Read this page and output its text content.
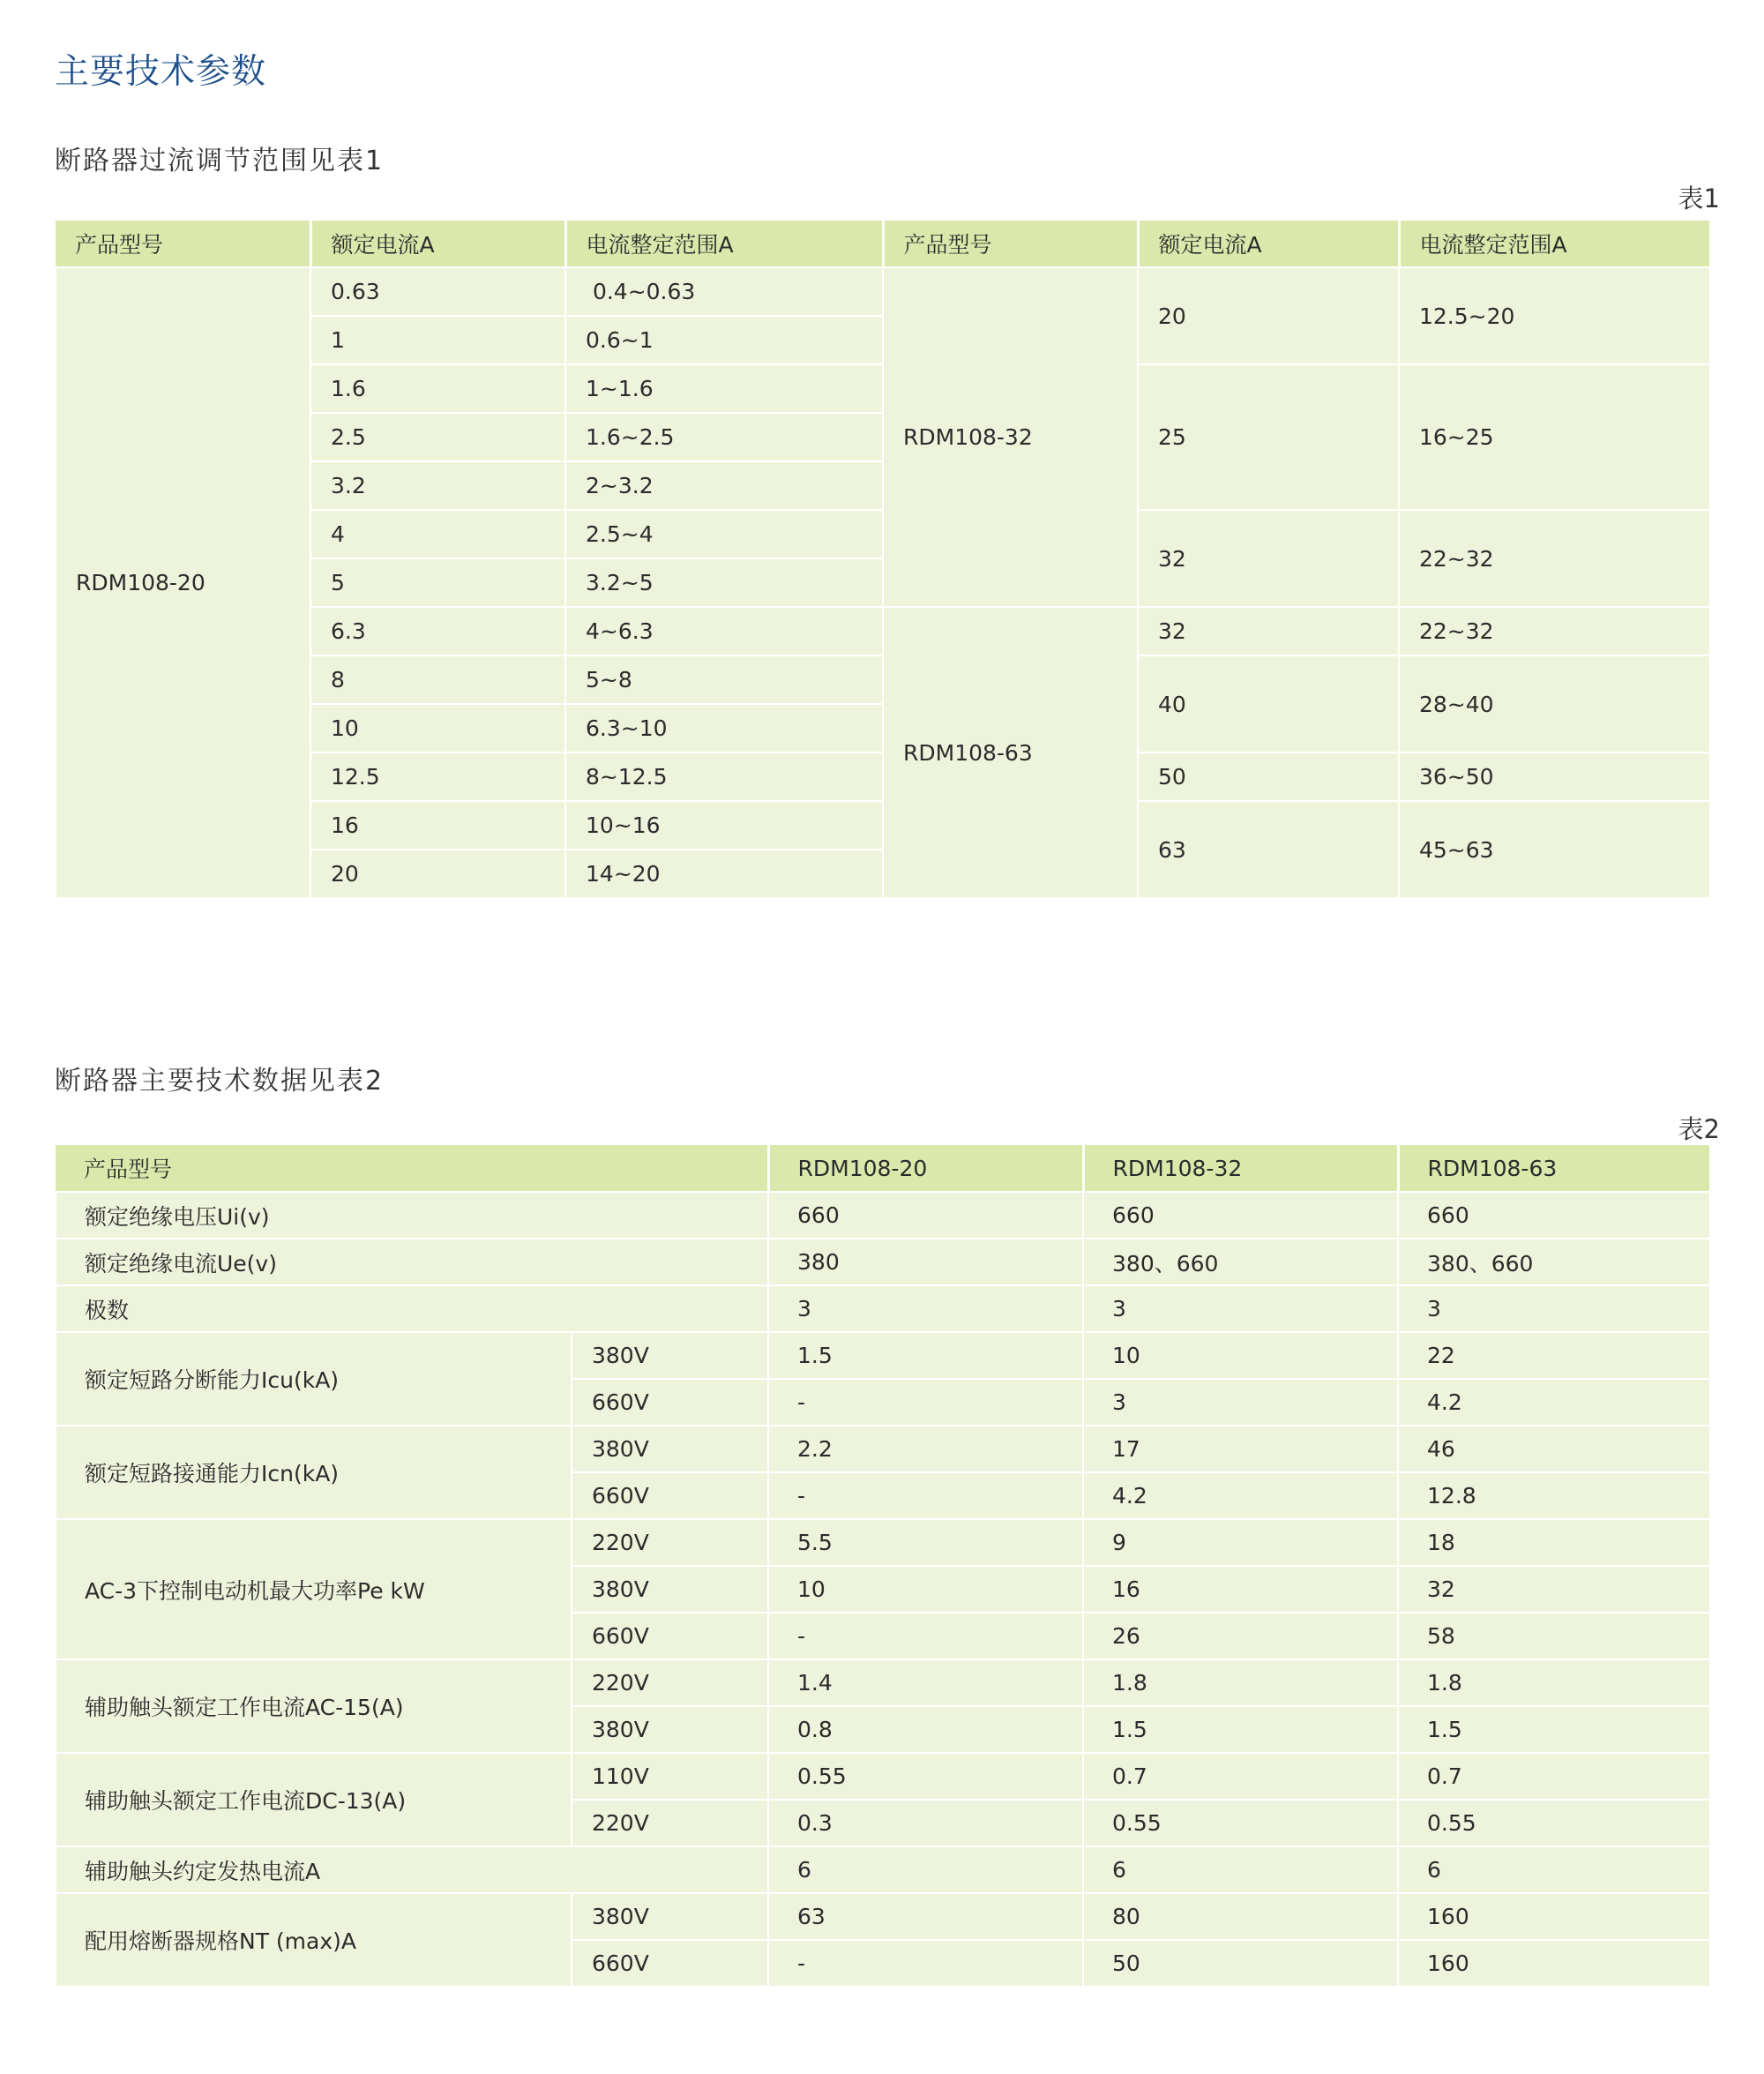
主要技术参数
断路器过流调节范围见表1
表1
产品型号	额定电流A	电流整定范围A	产品型号	额定电流A	电流整定范围A
RDM108-20	0.63	0.4~0.63	RDM108-32	20	12.5~20
	1	0.6~1			
	1.6	1~1.6		25	16~25
	2.5	1.6~2.5			
	3.2	2~3.2			
	4	2.5~4		32	22~32
	5	3.2~5			
	6.3	4~6.3	RDM108-63	32	22~32
	8	5~8		40	28~40
	10	6.3~10			
	12.5	8~12.5		50	36~50
	16	10~16		63	45~63
	20	14~20			
断路器主要技术数据见表2
表2
产品型号		RDM108-20	RDM108-32	RDM108-63
额定绝缘电压Ui(v)		660	660	660
额定绝缘电流Ue(v)		380	380、660	380、660
极数		3	3	3
额定短路分断能力Icu(kA)	380V	1.5	10	22
	660V	-	3	4.2
额定短路接通能力Icn(kA)	380V	2.2	17	46
	660V	-	4.2	12.8
AC-3下控制电动机最大功率Pe kW	220V	5.5	9	18
	380V	10	16	32
	660V	-	26	58
辅助触头额定工作电流AC-15(A)	220V	1.4	1.8	1.8
	380V	0.8	1.5	1.5
辅助触头额定工作电流DC-13(A)	110V	0.55	0.7	0.7
	220V	0.3	0.55	0.55
辅助触头约定发热电流A		6	6	6
配用熔断器规格NT (max)A	380V	63	80	160
	660V	-	50	160
